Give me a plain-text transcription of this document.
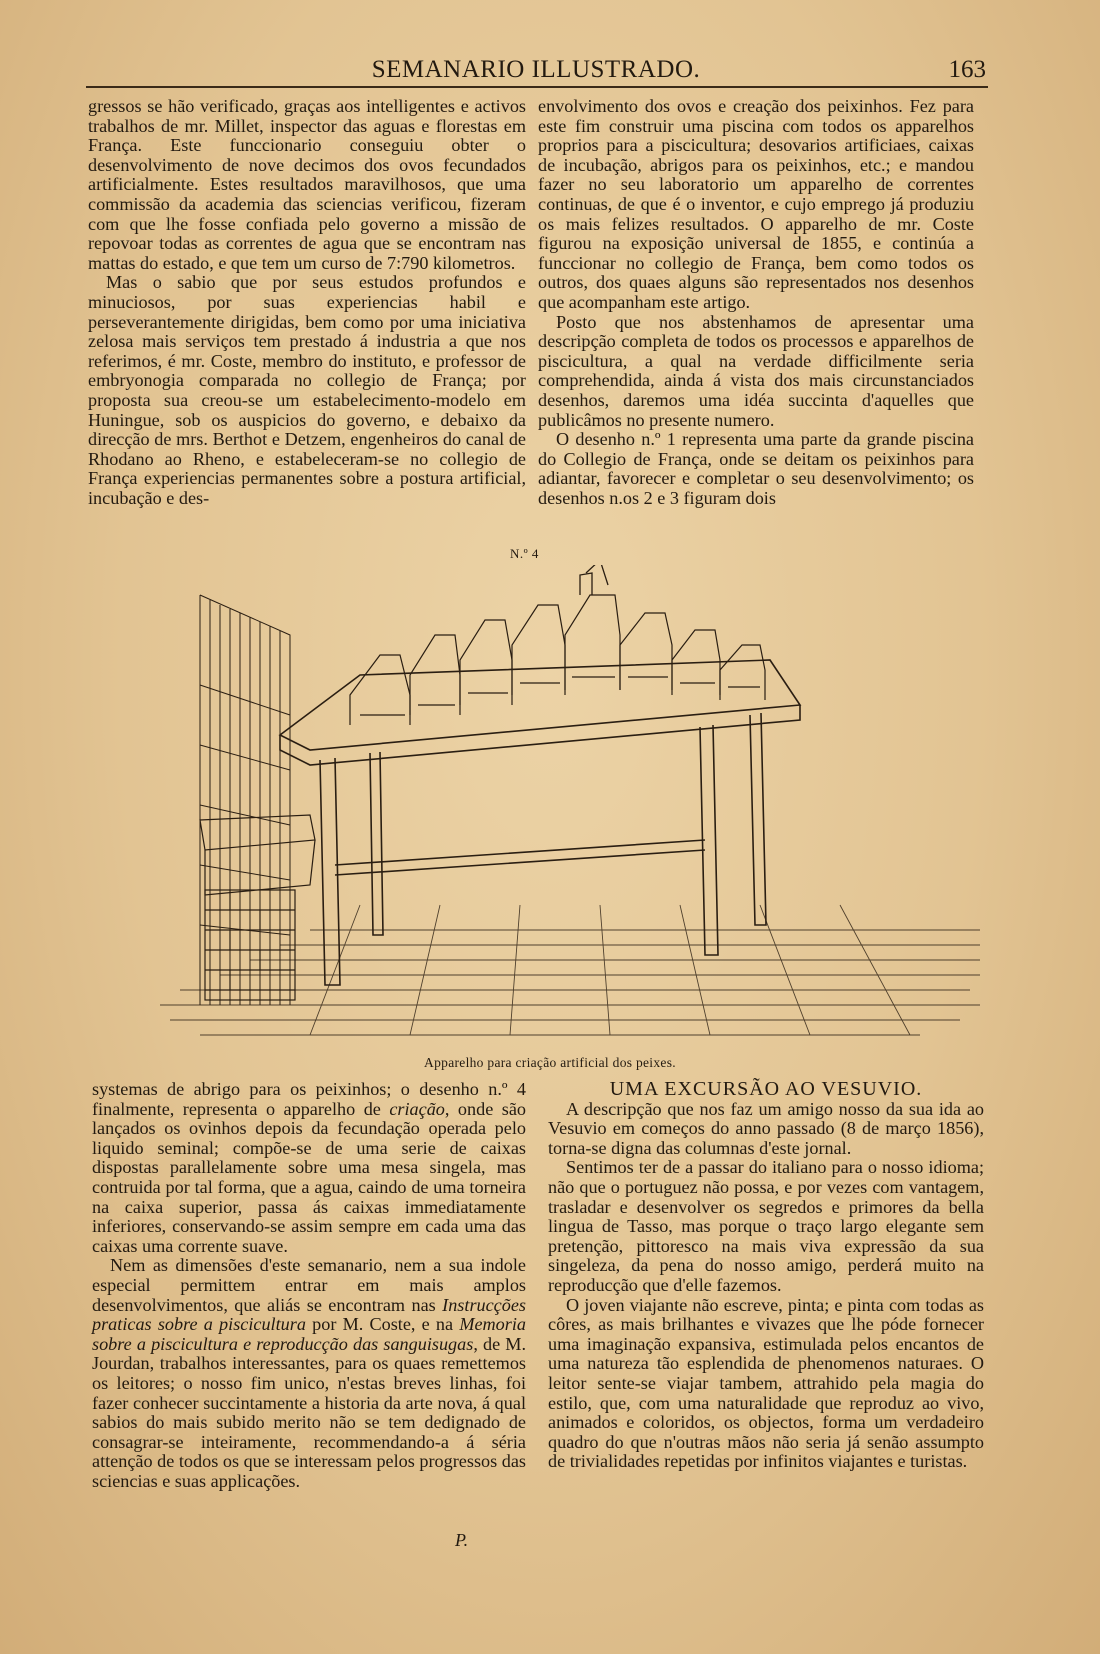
SEMANARIO ILLUSTRADO.	163

gressos se hão verificado, graças aos intelligentes e activos trabalhos de mr. Millet, inspector das aguas e florestas em França. Este funccionario conseguiu obter o desenvolvimento de nove decimos dos ovos fecundados artificialmente. Estes resultados maravilhosos, que uma commissão da academia das sciencias verificou, fizeram com que lhe fosse confiada pelo governo a missão de repovoar todas as correntes de agua que se encontram nas mattas do estado, e que tem um curso de 7:790 kilometros.

Mas o sabio que por seus estudos profundos e minuciosos, por suas experiencias habil e perseverantemente dirigidas, bem como por uma iniciativa zelosa mais serviços tem prestado á industria a que nos referimos, é mr. Coste, membro do instituto, e professor de embryonogia comparada no collegio de França; por proposta sua creou-se um estabelecimento-modelo em Huningue, sob os auspicios do governo, e debaixo da direcção de mrs. Berthot e Detzem, engenheiros do canal de Rhodano ao Rheno, e estabeleceram-se no collegio de França experiencias permanentes sobre a postura artificial, incubação e des-

envolvimento dos ovos e creação dos peixinhos. Fez para este fim construir uma piscina com todos os apparelhos proprios para a piscicultura; desovarios artificiaes, caixas de incubação, abrigos para os peixinhos, etc.; e mandou fazer no seu laboratorio um apparelho de correntes continuas, de que é o inventor, e cujo emprego já produziu os mais felizes resultados. O apparelho de mr. Coste figurou na exposição universal de 1855, e continúa a funccionar no collegio de França, bem como todos os outros, dos quaes alguns são representados nos desenhos que acompanham este artigo.

Posto que nos abstenhamos de apresentar uma descripção completa de todos os processos e apparelhos de piscicultura, a qual na verdade difficilmente seria comprehendida, ainda á vista dos mais circunstanciados desenhos, daremos uma idéa succinta d'aquelles que publicâmos no presente numero.

O desenho n.º 1 representa uma parte da grande piscina do Collegio de França, onde se deitam os peixinhos para adiantar, favorecer e completar o seu desenvolvimento; os desenhos n.os 2 e 3 figuram dois

N.º 4
Apparelho para criação artificial dos peixes.

systemas de abrigo para os peixinhos; o desenho n.º 4 finalmente, representa o apparelho de criação, onde são lançados os ovinhos depois da fecundação operada pelo liquido seminal; compõe-se de uma serie de caixas dispostas parallelamente sobre uma mesa singela, mas contruida por tal forma, que a agua, caindo de uma torneira na caixa superior, passa ás caixas immediatamente inferiores, conservando-se assim sempre em cada uma das caixas uma corrente suave.

Nem as dimensões d'este semanario, nem a sua indole especial permittem entrar em mais amplos desenvolvimentos, que aliás se encontram nas Instrucções praticas sobre a piscicultura por M. Coste, e na Memoria sobre a piscicultura e reproducção das sanguisugas, de M. Jourdan, trabalhos interessantes, para os quaes remettemos os leitores; o nosso fim unico, n'estas breves linhas, foi fazer conhecer succintamente a historia da arte nova, á qual sabios do mais subido merito não se tem dedignado de consagrar-se inteiramente, recommendando-a á séria attenção de todos os que se interessam pelos progressos das sciencias e suas applicações.

P.

UMA EXCURSÃO AO VESUVIO.

A descripção que nos faz um amigo nosso da sua ida ao Vesuvio em começos do anno passado (8 de março 1856), torna-se digna das columnas d'este jornal.

Sentimos ter de a passar do italiano para o nosso idioma; não que o portuguez não possa, e por vezes com vantagem, trasladar e desenvolver os segredos e primores da bella lingua de Tasso, mas porque o traço largo elegante sem pretenção, pittoresco na mais viva expressão da sua singeleza, da pena do nosso amigo, perderá muito na reproducção que d'elle fazemos.

O joven viajante não escreve, pinta; e pinta com todas as côres, as mais brilhantes e vivazes que lhe póde fornecer uma imaginação expansiva, estimulada pelos encantos de uma natureza tão esplendida de phenomenos naturaes. O leitor sente-se viajar tambem, attrahido pela magia do estilo, que, com uma naturalidade que reproduz ao vivo, animados e coloridos, os objectos, forma um verdadeiro quadro do que n'outras mãos não seria já senão assumpto de trivialidades repetidas por infinitos viajantes e turistas.
